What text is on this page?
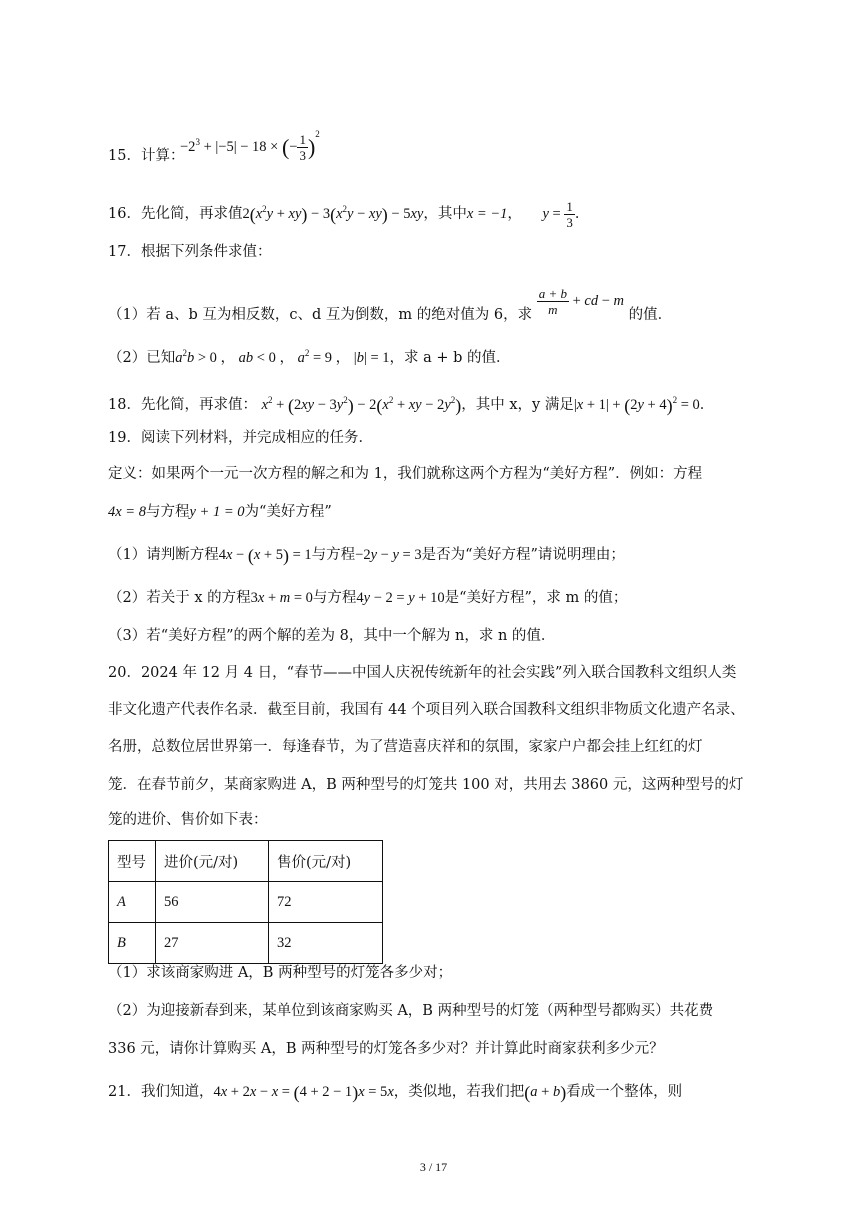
15．计算：
$-2^3 + |-5| - 18$ × (− $\frac{1}{3} )^2$
16．先化简，再求值$2(x^2y + xy) - 3(x^2y - xy) - 5xy$，其中x = −1， $y = \frac{1}{3}$ ．
17．根据下列条件求值：
（1）若 a、b 互为相反数，c、d 互为倒数，m 的绝对值为 6，求 $\frac{a + b}{m}$ + cd − m 的值．
（2）已知$a^2b > 0$ ， ab < 0 ， $a^2 = 9$ ， |b| = 1，求 a + b 的值．
18．先化简，再求值： $x^2 + (2xy - 3y^2) - 2(x^2$ + xy − $2y^2$)，其中 x，y 满足$|x + 1| + (2y + 4)^2 = 0$．
19．阅读下列材料，并完成相应的任务．
定义：如果两个一元一次方程的解之和为 1，我们就称这两个方程为“美好方程”．例如：方程
4x = 8与方程y + 1 = 0为“美好方程”
（1）请判断方程4x − (x + 5) = 1与方程−2y − y = 3是否为“美好方程”请说明理由；
（2）若关于 x 的方程3x + m = 0与方程4y − 2 = y + 10是“美好方程”，求 m 的值；
（3）若“美好方程”的两个解的差为 8，其中一个解为 n，求 n 的值．
20．2024 年 12 月 4 日，“春节——中国人庆祝传统新年的社会实践”列入联合国教科文组织人类
非文化遗产代表作名录．截至目前，我国有 44 个项目列入联合国教科文组织非物质文化遗产名录、
名册，总数位居世界第一．每逢春节，为了营造喜庆祥和的氛围，家家户户都会挂上红红的灯
笼．在春节前夕，某商家购进 A，B 两种型号的灯笼共 100 对，共用去 3860 元，这两种型号的灯
笼的进价、售价如下表：
型号	进价(元/对)	售价(元/对)
A	56	72
B	27	32
（1）求该商家购进 A，B 两种型号的灯笼各多少对；
（2）为迎接新春到来，某单位到该商家购买 A，B 两种型号的灯笼（两种型号都购买）共花费
336 元，请你计算购买 A，B 两种型号的灯笼各多少对？并计算此时商家获利多少元？
21．我们知道，4x + 2x − x = (4 + 2 − 1)x = 5x，类似地，若我们把(a + b)看成一个整体，则
3 / 17
